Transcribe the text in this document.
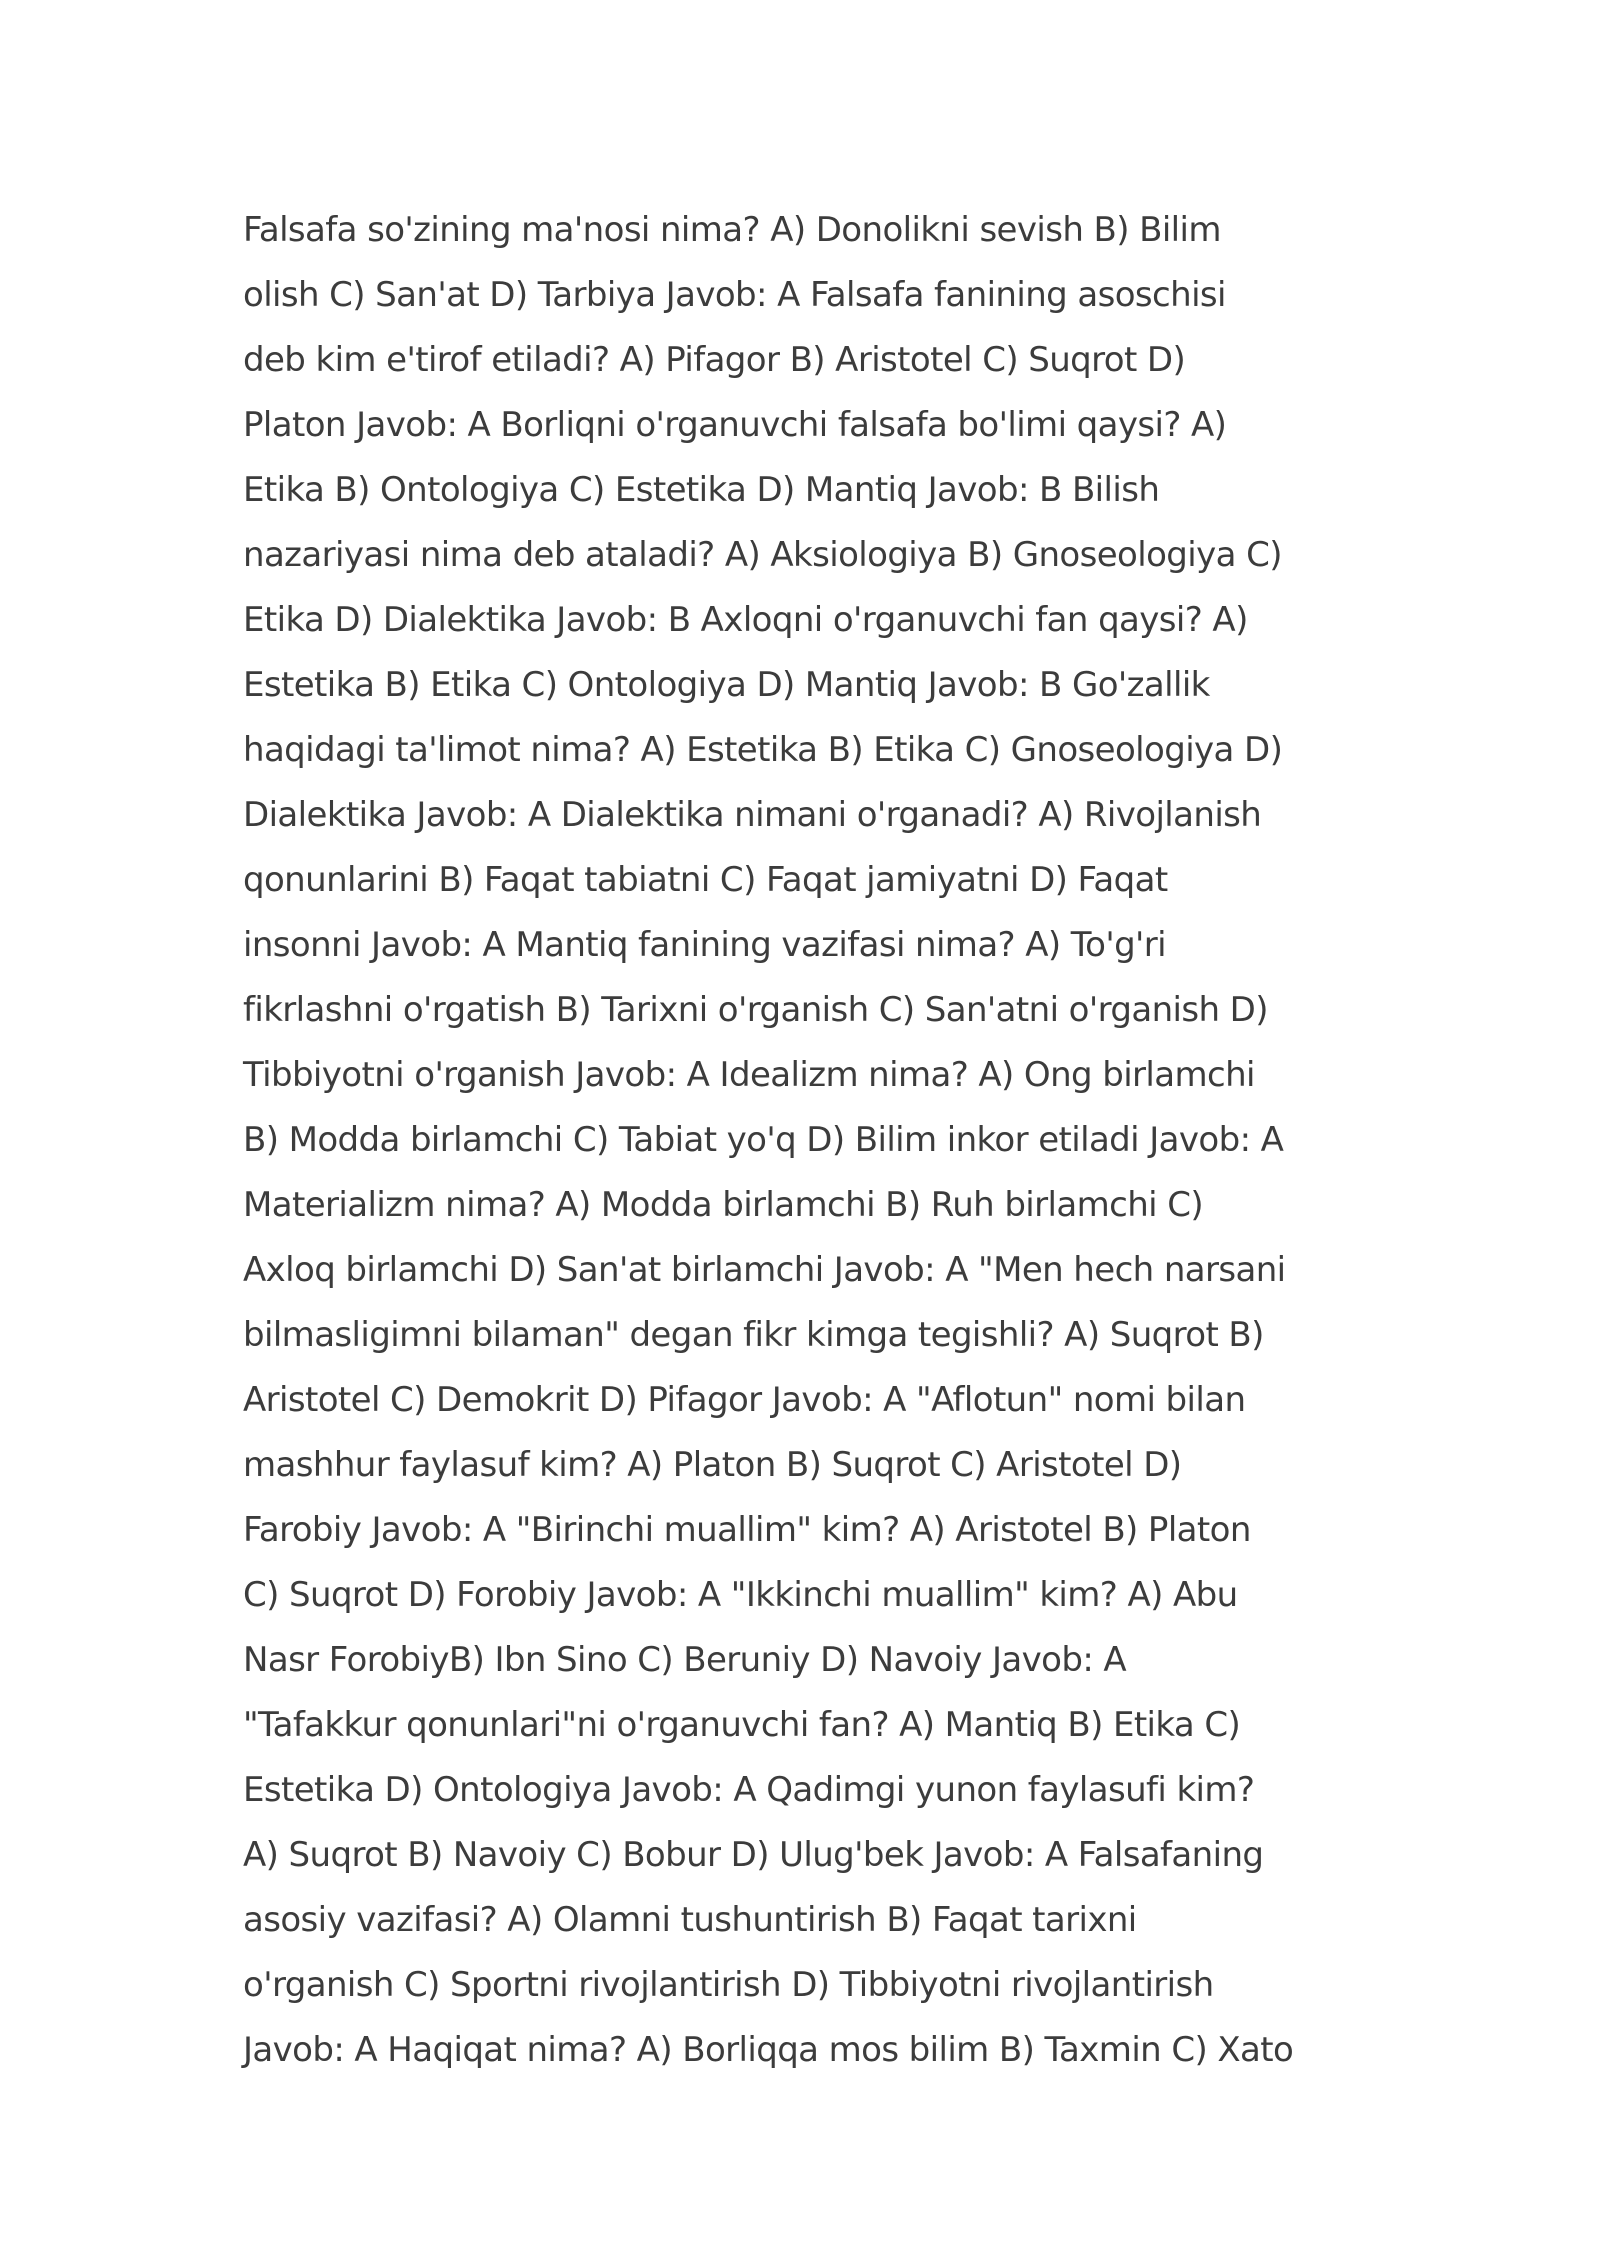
Falsafa so'zining ma'nosi nima? A) Donolikni sevish B) Bilim
olish C) San'at D) Tarbiya Javob: A Falsafa fanining asoschisi
deb kim e'tirof etiladi? A) Pifagor B) Aristotel C) Suqrot D)
Platon Javob: A Borliqni o'rganuvchi falsafa bo'limi qaysi? A)
Etika B) Ontologiya C) Estetika D) Mantiq Javob: B Bilish
nazariyasi nima deb ataladi? A) Aksiologiya B) Gnoseologiya C)
Etika D) Dialektika Javob: B Axloqni o'rganuvchi fan qaysi? A)
Estetika B) Etika C) Ontologiya D) Mantiq Javob: B Go'zallik
haqidagi ta'limot nima? A) Estetika B) Etika C) Gnoseologiya D)
Dialektika Javob: A Dialektika nimani o'rganadi? A) Rivojlanish
qonunlarini B) Faqat tabiatni C) Faqat jamiyatni D) Faqat
insonni Javob: A Mantiq fanining vazifasi nima? A) To'g'ri
fikrlashni o'rgatish B) Tarixni o'rganish C) San'atni o'rganish D)
Tibbiyotni o'rganish Javob: A Idealizm nima? A) Ong birlamchi
B) Modda birlamchi C) Tabiat yo'q D) Bilim inkor etiladi Javob: A
Materializm nima? A) Modda birlamchi B) Ruh birlamchi C)
Axloq birlamchi D) San'at birlamchi Javob: A "Men hech narsani
bilmasligimni bilaman" degan fikr kimga tegishli? A) Suqrot B)
Aristotel C) Demokrit D) Pifagor Javob: A "Aflotun" nomi bilan
mashhur faylasuf kim? A) Platon B) Suqrot C) Aristotel D)
Farobiy Javob: A "Birinchi muallim" kim? A) Aristotel B) Platon
C) Suqrot D) Forobiy Javob: A "Ikkinchi muallim" kim? A) Abu
Nasr ForobiyB) Ibn Sino C) Beruniy D) Navoiy Javob: A
"Tafakkur qonunlari"ni o'rganuvchi fan? A) Mantiq B) Etika C)
Estetika D) Ontologiya Javob: A Qadimgi yunon faylasufi kim?
A) Suqrot B) Navoiy C) Bobur D) Ulug'bek Javob: A Falsafaning
asosiy vazifasi? A) Olamni tushuntirish B) Faqat tarixni
o'rganish C) Sportni rivojlantirish D) Tibbiyotni rivojlantirish
Javob: A Haqiqat nima? A) Borliqqa mos bilim B) Taxmin C) Xato
